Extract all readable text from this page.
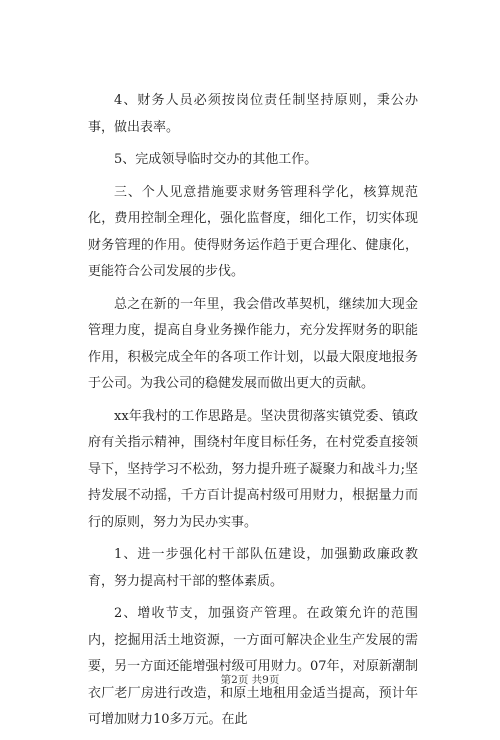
4、财务人员必须按岗位责任制坚持原则，秉公办事，做出表率。

5、完成领导临时交办的其他工作。

三、个人见意措施要求财务管理科学化，核算规范化，费用控制全理化，强化监督度，细化工作，切实体现财务管理的作用。使得财务运作趋于更合理化、健康化，更能符合公司发展的步伐。

总之在新的一年里，我会借改革契机，继续加大现金管理力度，提高自身业务操作能力，充分发挥财务的职能作用，积极完成全年的各项工作计划，以最大限度地报务于公司。为我公司的稳健发展而做出更大的贡献。

xx年我村的工作思路是。坚决贯彻落实镇党委、镇政府有关指示精神，围绕村年度目标任务，在村党委直接领导下，坚持学习不松劲，努力提升班子凝聚力和战斗力;坚持发展不动摇，千方百计提高村级可用财力，根据量力而行的原则，努力为民办实事。

1、进一步强化村干部队伍建设，加强勤政廉政教育，努力提高村干部的整体素质。

2、增收节支，加强资产管理。在政策允许的范围内，挖掘用活土地资源，一方面可解决企业生产发展的需要，另一方面还能增强村级可用财力。07年，对原新潮制衣厂老厂房进行改造，和原土地租用金适当提高，预计年可增加财力10多万元。在此

第2页 共9页
